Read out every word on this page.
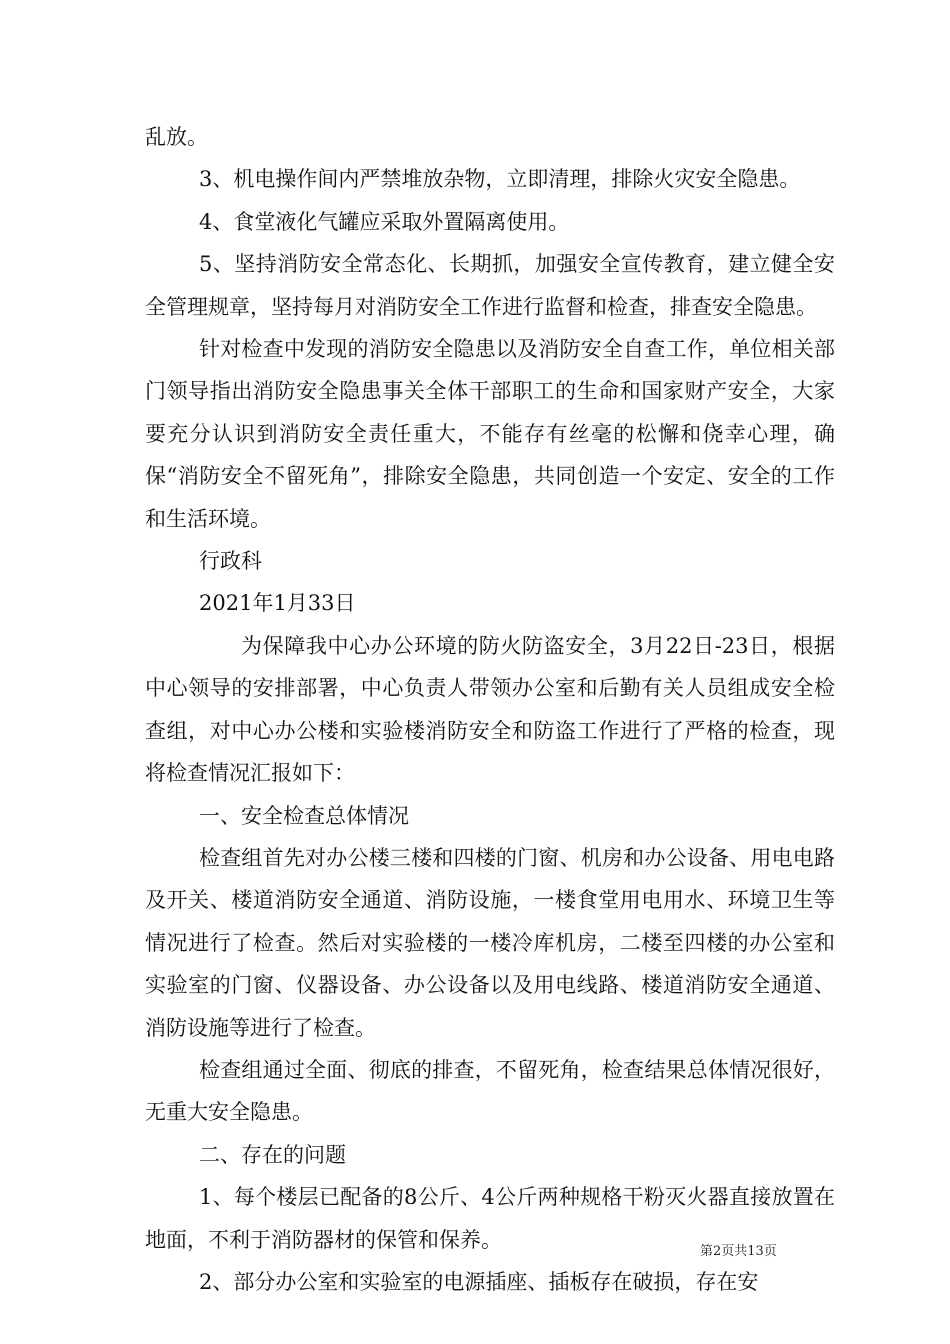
乱放。

3、机电操作间内严禁堆放杂物，立即清理，排除火灾安全隐患。

4、食堂液化气罐应采取外置隔离使用。

5、坚持消防安全常态化、长期抓，加强安全宣传教育，建立健全安全管理规章，坚持每月对消防安全工作进行监督和检查，排查安全隐患。

针对检查中发现的消防安全隐患以及消防安全自查工作，单位相关部门领导指出消防安全隐患事关全体干部职工的生命和国家财产安全，大家要充分认识到消防安全责任重大，不能存有丝毫的松懈和侥幸心理，确保“消防安全不留死角”，排除安全隐患，共同创造一个安定、安全的工作和生活环境。

行政科

2021年1月33日

为保障我中心办公环境的防火防盗安全，3月22日-23日，根据中心领导的安排部署，中心负责人带领办公室和后勤有关人员组成安全检查组，对中心办公楼和实验楼消防安全和防盗工作进行了严格的检查，现将检查情况汇报如下：

一、安全检查总体情况

检查组首先对办公楼三楼和四楼的门窗、机房和办公设备、用电电路及开关、楼道消防安全通道、消防设施，一楼食堂用电用水、环境卫生等情况进行了检查。然后对实验楼的一楼冷库机房，二楼至四楼的办公室和实验室的门窗、仪器设备、办公设备以及用电线路、楼道消防安全通道、消防设施等进行了检查。

检查组通过全面、彻底的排查，不留死角，检查结果总体情况很好，无重大安全隐患。

二、存在的问题

1、每个楼层已配备的8公斤、4公斤两种规格干粉灭火器直接放置在地面，不利于消防器材的保管和保养。

2、部分办公室和实验室的电源插座、插板存在破损，存在安

第2页共13页
